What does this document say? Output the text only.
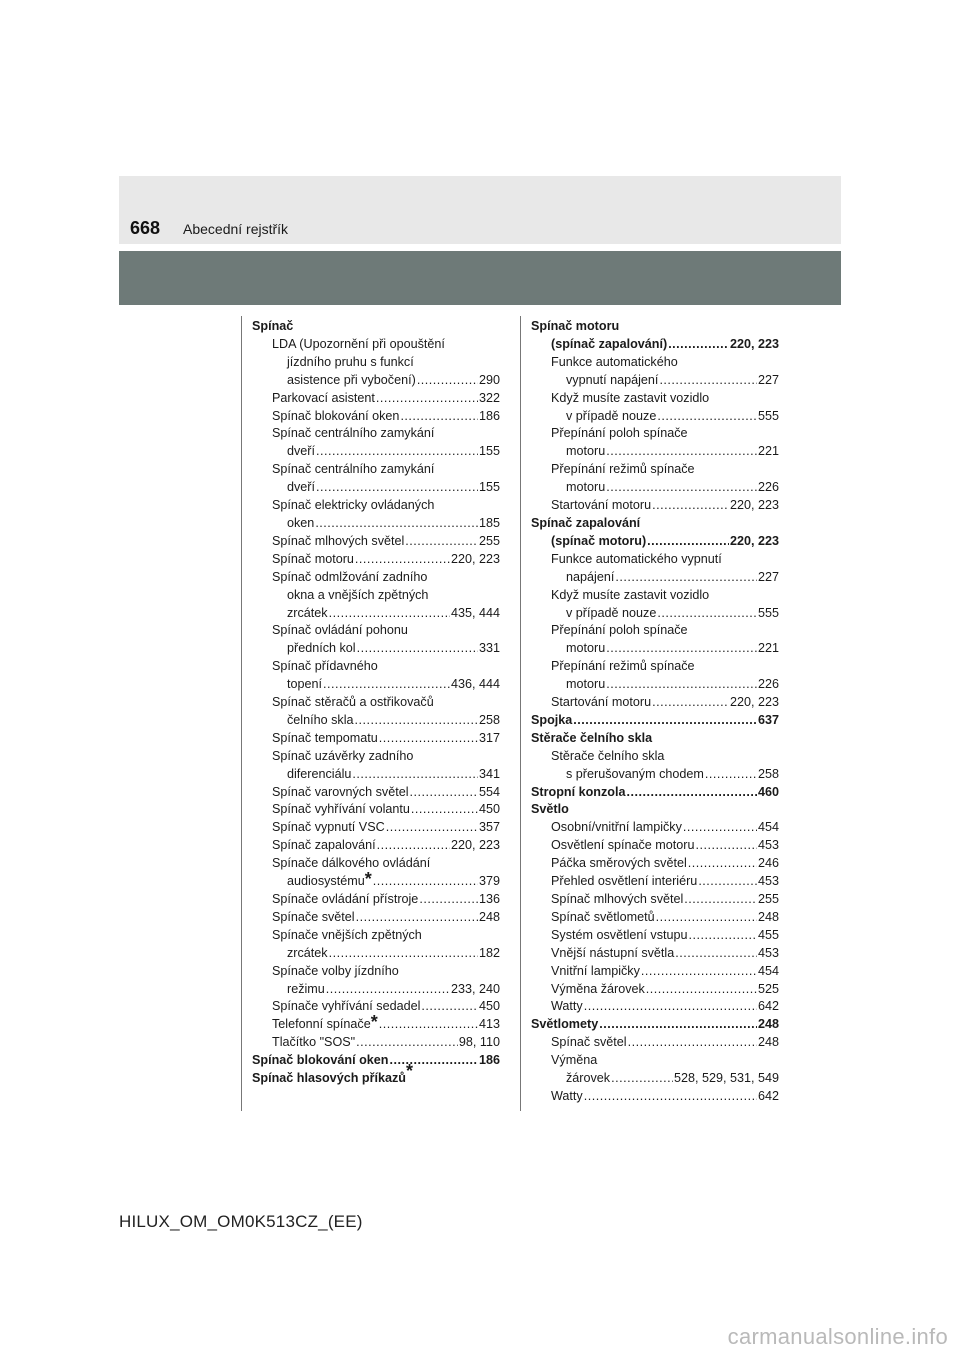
668 Abecední rejstřík
Spínač
LDA (Upozornění při opouštění
jízdního pruhu s funkcí
asistence při vybočení) .....	290
Parkovací asistent .....	322
Spínač blokování oken .....	186
Spínač centrálního zamykání
dveří .....	155
Spínač centrálního zamykání
dveří .....	155
Spínač elektricky ovládaných
oken .....	185
Spínač mlhových světel .....	255
Spínač motoru .....	220, 223
Spínač odmlžování zadního
okna a vnějších zpětných
zrcátek .....	435, 444
Spínač ovládání pohonu
předních kol .....	331
Spínač přídavného
topení .....	436, 444
Spínač stěračů a ostřikovačů
čelního skla .....	258
Spínač tempomatu .....	317
Spínač uzávěrky zadního
diferenciálu .....	341
Spínač varovných světel .....	554
Spínač vyhřívání volantu .....	450
Spínač vypnutí VSC .....	357
Spínač zapalování .....	220, 223
Spínače dálkového ovládání
audiosystému * .....	379
Spínače ovládání přístroje .....	136
Spínače světel .....	248
Spínače vnějších zpětných
zrcátek .....	182
Spínače volby jízdního
režimu .....	233, 240
Spínače vyhřívání sedadel .....	450
Telefonní spínače * .....	413
Tlačítko "SOS" .....	98, 110
Spínač blokování oken .....	186
Spínač hlasových příkazů*
Spínač motoru
(spínač zapalování) .....	220, 223
Funkce automatického
vypnutí napájení .....	227
Když musíte zastavit vozidlo
v případě nouze .....	555
Přepínání poloh spínače
motoru .....	221
Přepínání režimů spínače
motoru .....	226
Startování motoru .....	220, 223
Spínač zapalování
(spínač motoru) .....	220, 223
Funkce automatického vypnutí
napájení .....	227
Když musíte zastavit vozidlo
v případě nouze .....	555
Přepínání poloh spínače
motoru .....	221
Přepínání režimů spínače
motoru .....	226
Startování motoru .....	220, 223
Spojka .....	637
Stěrače čelního skla
Stěrače čelního skla
s přerušovaným chodem .....	258
Stropní konzola .....	460
Světlo
Osobní/vnitřní lampičky .....	454
Osvětlení spínače motoru .....	453
Páčka směrových světel .....	246
Přehled osvětlení interiéru .....	453
Spínač mlhových světel .....	255
Spínač světlometů .....	248
Systém osvětlení vstupu .....	455
Vnější nástupní světla .....	453
Vnitřní lampičky .....	454
Výměna žárovek .....	525
Watty .....	642
Světlomety .....	248
Spínač světel .....	248
Výměna
žárovek .....	528, 529, 531, 549
Watty .....	642
HILUX_OM_OM0K513CZ_(EE)
carmanualsonline.info
